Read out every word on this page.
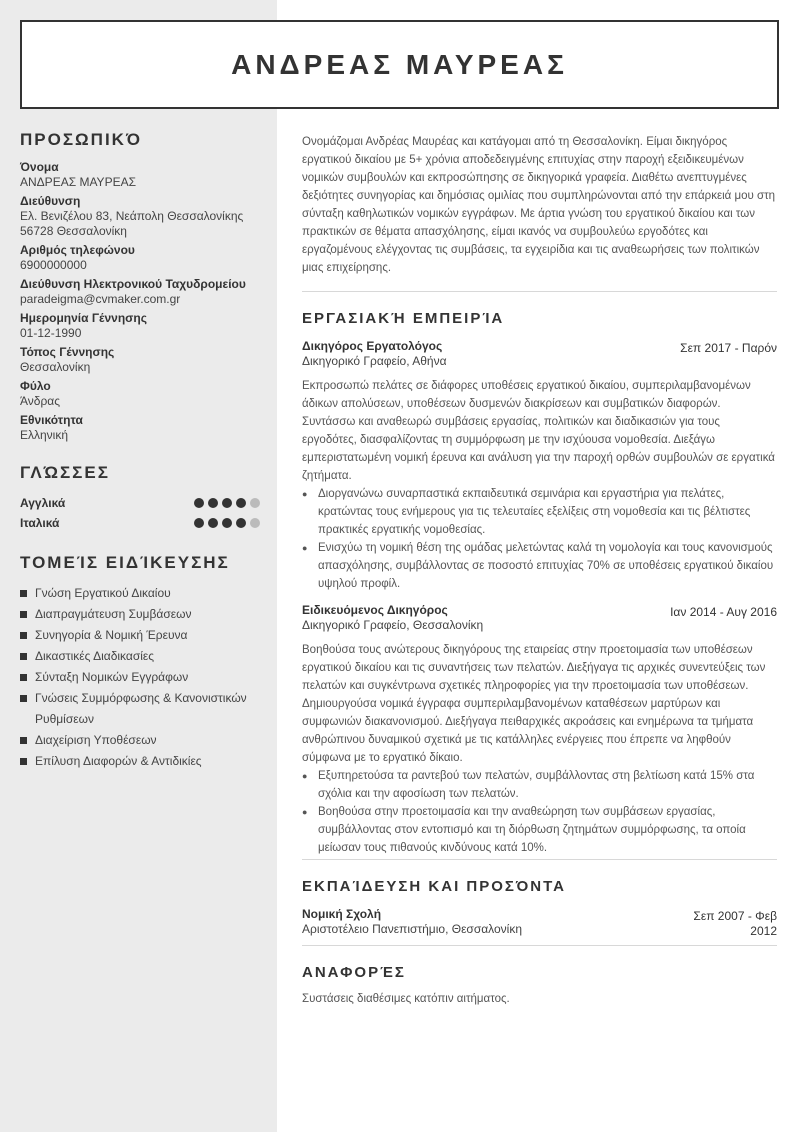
ΑΝΔΡΕΑΣ ΜΑΥΡΕΑΣ
ΠΡΟΣΩΠΙΚΌ
Όνομα
ΑΝΔΡΕΑΣ ΜΑΥΡΕΑΣ
Διεύθυνση
Ελ. Βενιζέλου 83, Νεάπολη Θεσσαλονίκης 56728 Θεσσαλονίκη
Αριθμός τηλεφώνου
6900000000
Διεύθυνση Ηλεκτρονικού Ταχυδρομείου
paradeigma@cvmaker.com.gr
Ημερομηνία Γέννησης
01-12-1990
Τόπος Γέννησης
Θεσσαλονίκη
Φύλο
Άνδρας
Εθνικότητα
Ελληνική
ΓΛΏΣΣΕΣ
Αγγλικά
Ιταλικά
ΤΟΜΕΊΣ ΕΙΔΊΚΕΥΣΗΣ
Γνώση Εργατικού Δικαίου
Διαπραγμάτευση Συμβάσεων
Συνηγορία & Νομική Έρευνα
Δικαστικές Διαδικασίες
Σύνταξη Νομικών Εγγράφων
Γνώσεις Συμμόρφωσης & Κανονιστικών Ρυθμίσεων
Διαχείριση Υποθέσεων
Επίλυση Διαφορών & Αντιδικίες

Ονομάζομαι Ανδρέας Μαυρέας και κατάγομαι από τη Θεσσαλονίκη. Είμαι δικηγόρος εργατικού δικαίου με 5+ χρόνια αποδεδειγμένης επιτυχίας στην παροχή εξειδικευμένων νομικών συμβουλών και εκπροσώπησης σε δικηγορικά γραφεία. Διαθέτω ανεπτυγμένες δεξιότητες συνηγορίας και δημόσιας ομιλίας που συμπληρώνονται από την επάρκειά μου στη σύνταξη καθηλωτικών νομικών εγγράφων. Με άρτια γνώση του εργατικού δικαίου και των πρακτικών σε θέματα απασχόλησης, είμαι ικανός να συμβουλεύω εργοδότες και εργαζομένους ελέγχοντας τις συμβάσεις, τα εγχειρίδια και τις αναθεωρήσεις των πολιτικών μιας επιχείρησης.

ΕΡΓΑΣΙΑΚΉ ΕΜΠΕΙΡΊΑ
Δικηγόρος Εργατολόγος
Δικηγορικό Γραφείο, Αθήνα
Σεπ 2017 - Παρόν

Εκπροσωπώ πελάτες σε διάφορες υποθέσεις εργατικού δικαίου, συμπεριλαμβανομένων άδικων απολύσεων, υποθέσεων δυσμενών διακρίσεων και συμβατικών διαφορών. Συντάσσω και αναθεωρώ συμβάσεις εργασίας, πολιτικών και διαδικασιών για τους εργοδότες, διασφαλίζοντας τη συμμόρφωση με την ισχύουσα νομοθεσία. Διεξάγω εμπεριστατωμένη νομική έρευνα και ανάλυση για την παροχή ορθών συμβουλών σε εργατικά ζητήματα.

● Διοργανώνω συναρπαστικά εκπαιδευτικά σεμινάρια και εργαστήρια για πελάτες, κρατώντας τους ενήμερους για τις τελευταίες εξελίξεις στη νομοθεσία και τις βέλτιστες πρακτικές εργατικής νομοθεσίας.
● Ενισχύω τη νομική θέση της ομάδας μελετώντας καλά τη νομολογία και τους κανονισμούς απασχόλησης, συμβάλλοντας σε ποσοστό επιτυχίας 70% σε υποθέσεις εργατικού δικαίου υψηλού προφίλ.
Ειδικευόμενος Δικηγόρος
Δικηγορικό Γραφείο, Θεσσαλονίκη
Ιαν 2014 - Αυγ 2016

Βοηθούσα τους ανώτερους δικηγόρους της εταιρείας στην προετοιμασία των υποθέσεων εργατικού δικαίου και τις συναντήσεις των πελατών. Διεξήγαγα τις αρχικές συνεντεύξεις των πελατών και συγκέντρωνα σχετικές πληροφορίες για την προετοιμασία των υποθέσεων. Δημιουργούσα νομικά έγγραφα συμπεριλαμβανομένων καταθέσεων μαρτύρων και συμφωνιών διακανονισμού. Διεξήγαγα πειθαρχικές ακροάσεις και ενημέρωνα τα τμήματα ανθρώπινου δυναμικού σχετικά με τις κατάλληλες ενέργειες που έπρεπε να ληφθούν σύμφωνα με το εργατικό δίκαιο.

● Εξυπηρετούσα τα ραντεβού των πελατών, συμβάλλοντας στη βελτίωση κατά 15% στα σχόλια και την αφοσίωση των πελατών.
● Βοηθούσα στην προετοιμασία και την αναθεώρηση των συμβάσεων εργασίας, συμβάλλοντας στον εντοπισμό και τη διόρθωση ζητημάτων συμμόρφωσης, τα οποία μείωσαν τους πιθανούς κινδύνους κατά 10%.
ΕΚΠΑΊΔΕΥΣΗ ΚΑΙ ΠΡΟΣΌΝΤΑ
Νομική Σχολή
Αριστοτέλειο Πανεπιστήμιο, Θεσσαλονίκη
Σεπ 2007 - Φεβ 2012
ΑΝΑΦΟΡΈΣ

Συστάσεις διαθέσιμες κατόπιν αιτήματος.
